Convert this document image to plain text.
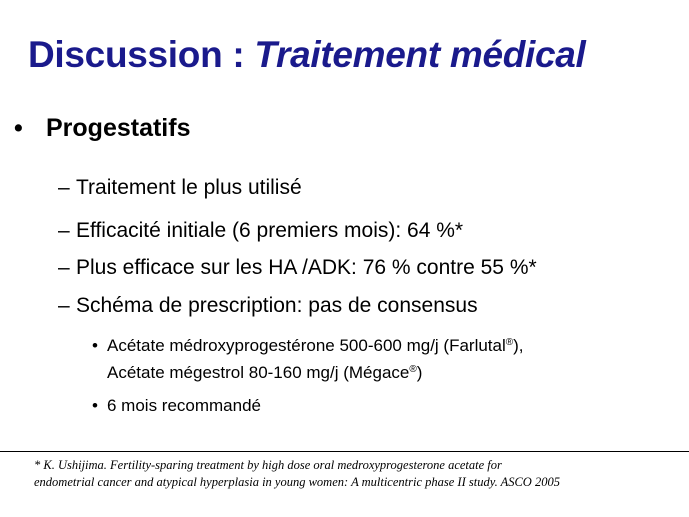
Discussion : Traitement médical
• Progestatifs
– Traitement le plus utilisé
– Efficacité initiale (6 premiers mois): 64 %*
– Plus efficace sur les HA /ADK: 76 % contre 55 %*
– Schéma de prescription: pas de consensus
• Acétate médroxyprogestérone 500-600 mg/j (Farlutal®),
Acétate mégestrol 80-160 mg/j (Mégace®)
• 6 mois recommandé
* K. Ushijima. Fertility-sparing treatment by high dose oral medroxyprogesterone acetate for
endometrial cancer and atypical hyperplasia in young women: A multicentric phase II study. ASCO 2005
